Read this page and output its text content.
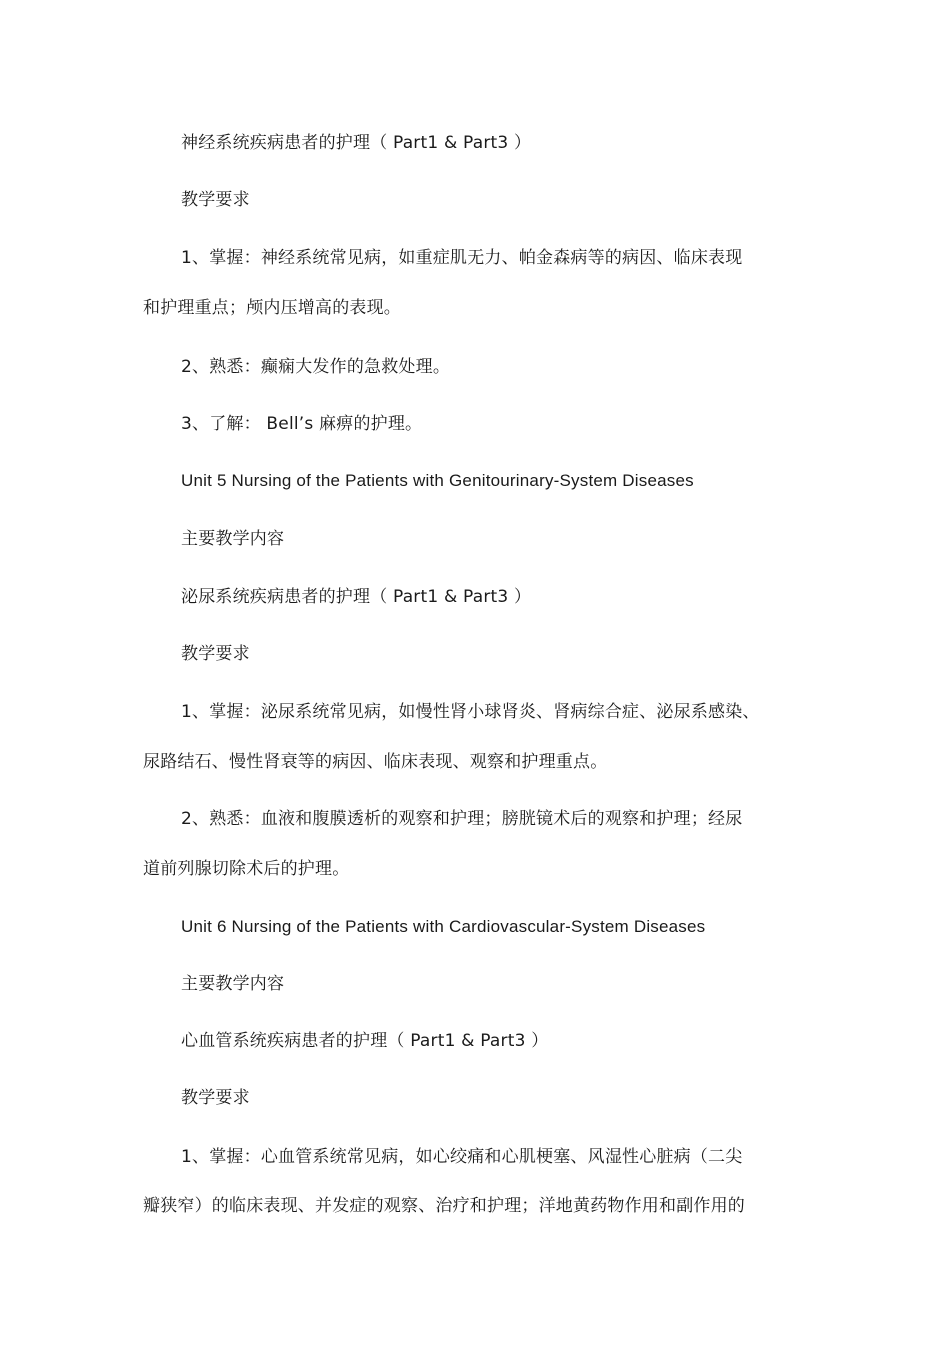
神经系统疾病患者的护理（ Part1 & Part3 ）
教学要求
1、掌握：神经系统常见病，如重症肌无力、帕金森病等的病因、临床表现
和护理重点；颅内压增高的表现。
2、熟悉：癫痫大发作的急救处理。
3、了解： Bell’s 麻痹的护理。
Unit 5 Nursing of the Patients with Genitourinary-System Diseases
主要教学内容
泌尿系统疾病患者的护理（ Part1 & Part3 ）
教学要求
1、掌握：泌尿系统常见病，如慢性肾小球肾炎、肾病综合症、泌尿系感染、
尿路结石、慢性肾衰等的病因、临床表现、观察和护理重点。
2、熟悉：血液和腹膜透析的观察和护理；膀胱镜术后的观察和护理；经尿
道前列腺切除术后的护理。
Unit 6 Nursing of the Patients with Cardiovascular-System Diseases
主要教学内容
心血管系统疾病患者的护理（ Part1 & Part3 ）
教学要求
1、掌握：心血管系统常见病，如心绞痛和心肌梗塞、风湿性心脏病（二尖
瓣狭窄）的临床表现、并发症的观察、治疗和护理；洋地黄药物作用和副作用的
